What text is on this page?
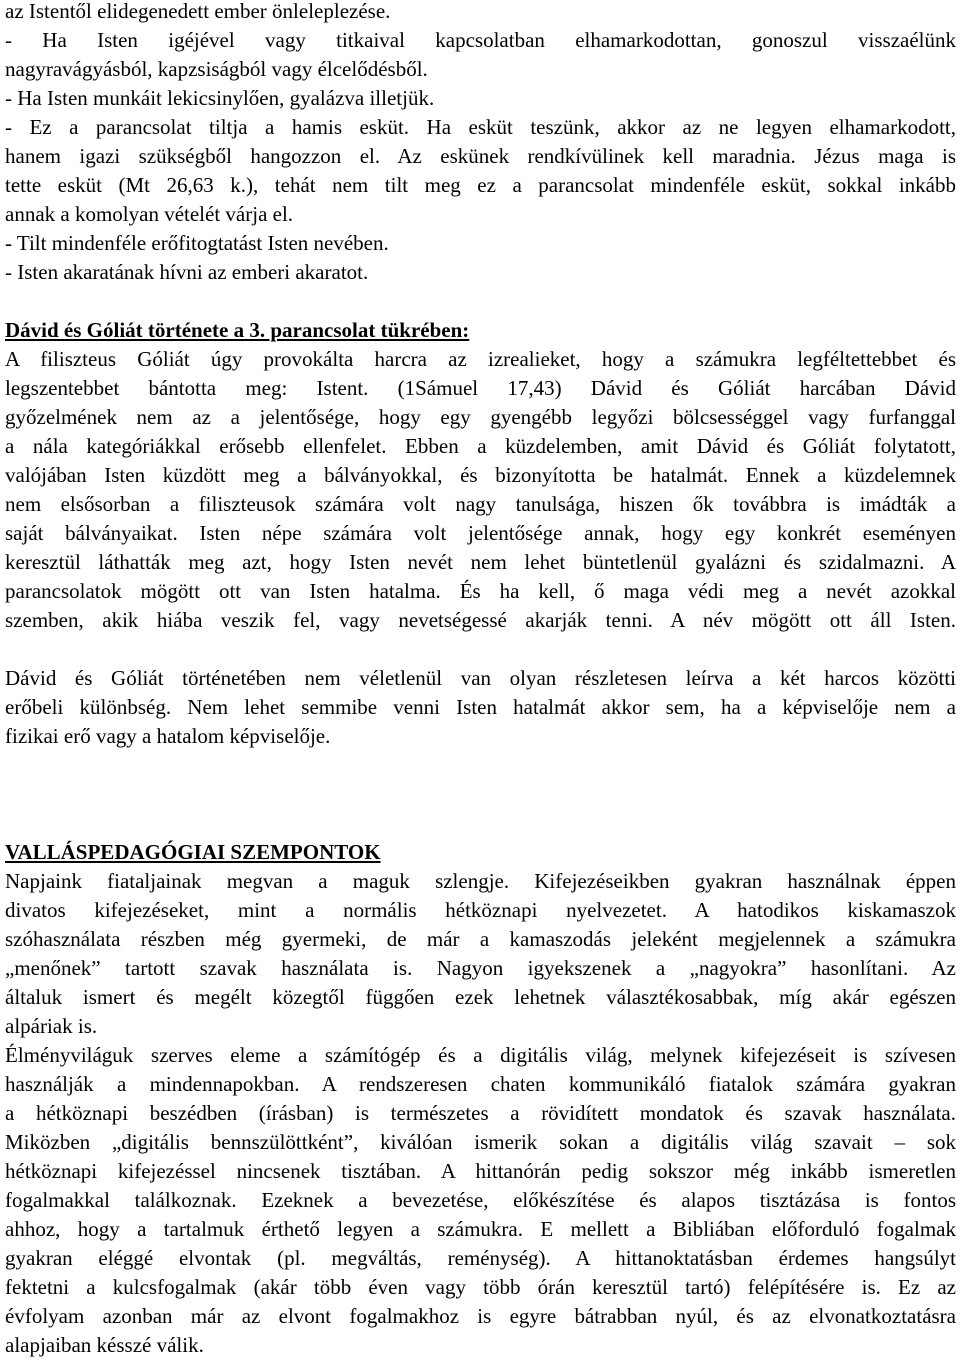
az Istentől elidegenedett ember önleleplezése.
- Ha Isten igéjével vagy titkaival kapcsolatban elhamarkodottan, gonoszul visszaélünk
nagyravágyásból, kapzsiságból vagy élcelődésből.
- Ha Isten munkáit lekicsinylően, gyalázva illetjük.
- Ez a parancsolat tiltja a hamis esküt. Ha esküt teszünk, akkor az ne legyen elhamarkodott,
hanem igazi szükségből hangozzon el. Az eskünek rendkívülinek kell maradnia. Jézus maga is
tette esküt (Mt 26,63 k.), tehát nem tilt meg ez a parancsolat mindenféle esküt, sokkal inkább
annak a komolyan vételét várja el.
- Tilt mindenféle erőfitogtatást Isten nevében.
- Isten akaratának hívni az emberi akaratot.
Dávid és Góliát története a 3. parancsolat tükrében:
A filiszteus Góliát úgy provokálta harcra az izrealieket, hogy a számukra legféltettebbet és
legszentebbet bántotta meg: Istent. (1Sámuel 17,43) Dávid és Góliát harcában Dávid
győzelmének nem az a jelentősége, hogy egy gyengébb legyőzi bölcsességgel vagy furfanggal
a nála kategóriákkal erősebb ellenfelet. Ebben a küzdelemben, amit Dávid és Góliát folytatott,
valójában Isten küzdött meg a bálványokkal, és bizonyította be hatalmát. Ennek a küzdelemnek
nem elsősorban a filiszteusok számára volt nagy tanulsága, hiszen ők továbbra is imádták a
saját bálványaikat. Isten népe számára volt jelentősége annak, hogy egy konkrét eseményen
keresztül láthatták meg azt, hogy Isten nevét nem lehet büntetlenül gyalázni és szidalmazni. A
parancsolatok mögött ott van Isten hatalma. És ha kell, ő maga védi meg a nevét azokkal
szemben, akik hiába veszik fel, vagy nevetségessé akarják tenni. A név mögött ott áll Isten.
Dávid és Góliát történetében nem véletlenül van olyan részletesen leírva a két harcos közötti
erőbeli különbség. Nem lehet semmibe venni Isten hatalmát akkor sem, ha a képviselője nem a
fizikai erő vagy a hatalom képviselője.
VALLÁSPEDAGÓGIAI SZEMPONTOK
Napjaink fiataljainak megvan a maguk szlengje. Kifejezéseikben gyakran használnak éppen
divatos kifejezéseket, mint a normális hétköznapi nyelvezetet. A hatodikos kiskamaszok
szóhasználata részben még gyermeki, de már a kamaszodás jeleként megjelennek a számukra
„menőnek” tartott szavak használata is. Nagyon igyekszenek a „nagyokra” hasonlítani. Az
általuk ismert és megélt közegtől függően ezek lehetnek választékosabbak, míg akár egészen
alpáriak is.
Élményviláguk szerves eleme a számítógép és a digitális világ, melynek kifejezéseit is szívesen
használják a mindennapokban. A rendszeresen chaten kommunikáló fiatalok számára gyakran
a hétköznapi beszédben (írásban) is természetes a rövidített mondatok és szavak használata.
Miközben „digitális bennszülöttként”, kiválóan ismerik sokan a digitális világ szavait – sok
hétköznapi kifejezéssel nincsenek tisztában. A hittanórán pedig sokszor még inkább ismeretlen
fogalmakkal találkoznak. Ezeknek a bevezetése, előkészítése és alapos tisztázása is fontos
ahhoz, hogy a tartalmuk érthető legyen a számukra. E mellett a Bibliában előforduló fogalmak
gyakran eléggé elvontak (pl. megváltás, reménység). A hittanoktatásban érdemes hangsúlyt
fektetni a kulcsfogalmak (akár több éven vagy több órán keresztül tartó) felépítésére is. Ez az
évfolyam azonban már az elvont fogalmakhoz is egyre bátrabban nyúl, és az elvonatkoztatásra
alapjaiban késszé válik.
